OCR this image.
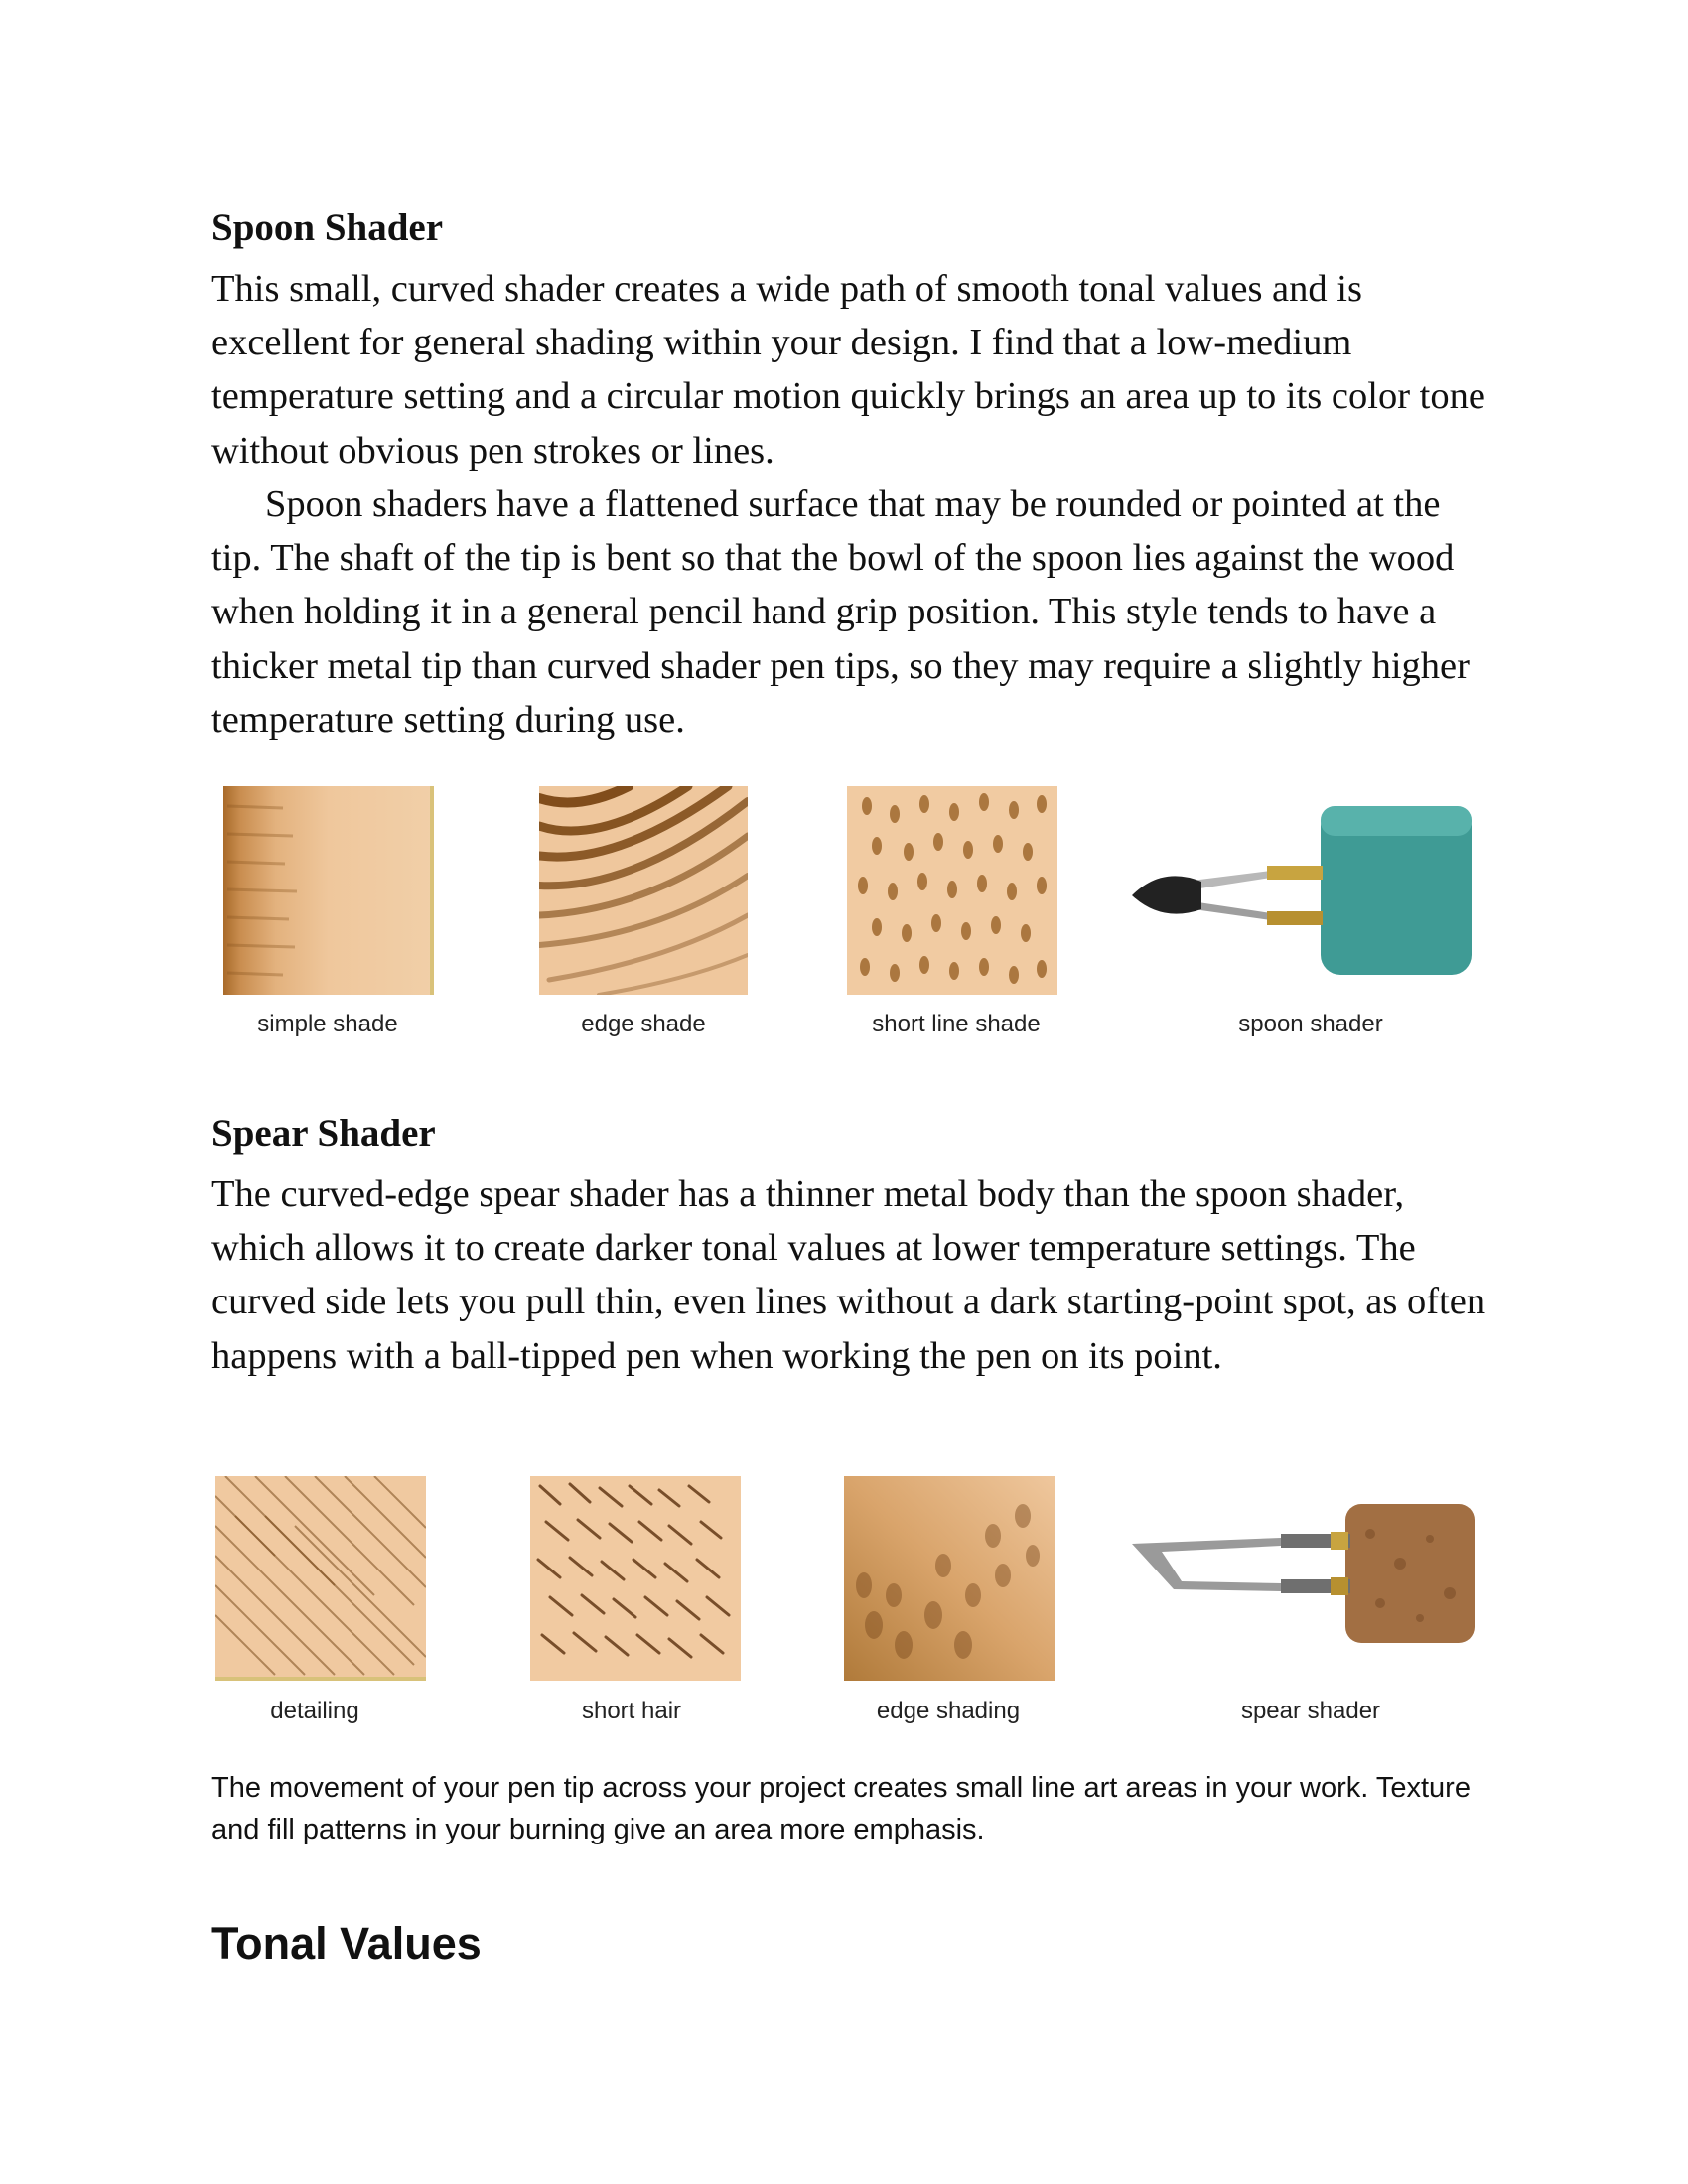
Spoon Shader

This small, curved shader creates a wide path of smooth tonal values and is excellent for general shading within your design. I find that a low-medium temperature setting and a circular motion quickly brings an area up to its color tone without obvious pen strokes or lines.

Spoon shaders have a flattened surface that may be rounded or pointed at the tip. The shaft of the tip is bent so that the bowl of the spoon lies against the wood when holding it in a general pencil hand grip position. This style tends to have a thicker metal tip than curved shader pen tips, so they may require a slightly higher temperature setting during use.

simple shade	edge shade	short line shade	spoon shader
Spear Shader

The curved-edge spear shader has a thinner metal body than the spoon shader, which allows it to create darker tonal values at lower temperature settings. The curved side lets you pull thin, even lines without a dark starting-point spot, as often happens with a ball-tipped pen when working the pen on its point.

detailing	short hair	edge shading	spear shader

The movement of your pen tip across your project creates small line art areas in your work. Texture and fill patterns in your burning give an area more emphasis.

Tonal Values
